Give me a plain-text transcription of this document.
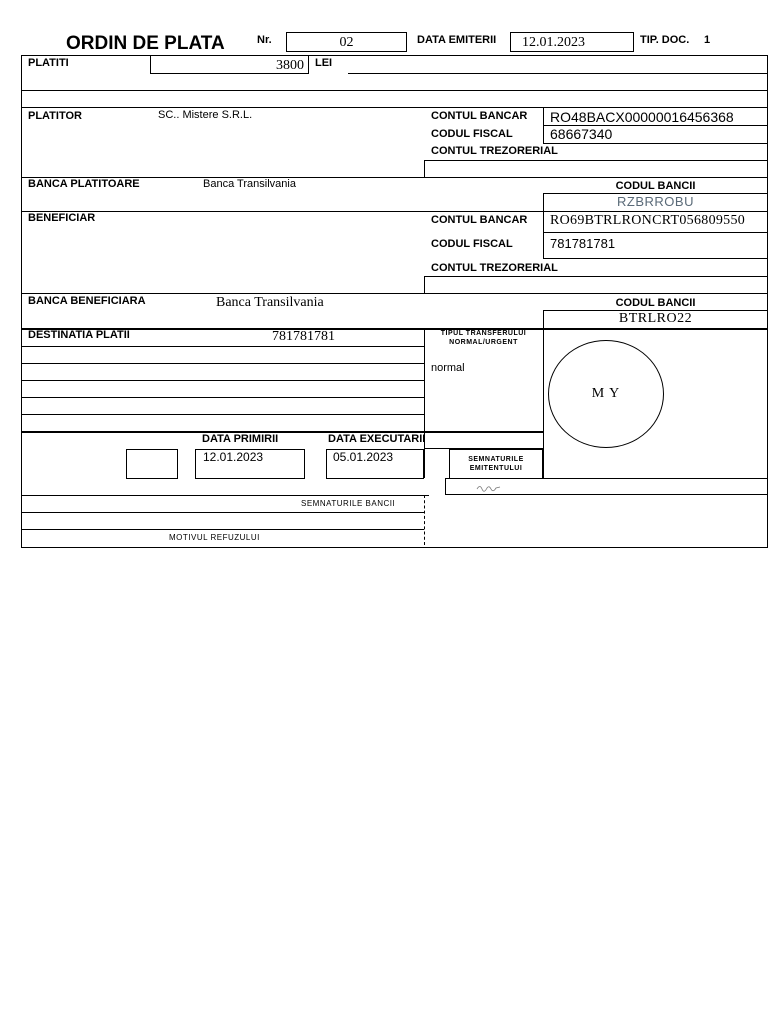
ORDIN DE PLATA	Nr.	02	DATA EMITERII 12.01.2023	TIP. DOC. 1
PLATITI	3800 LEI
PLATITOR	SC.. Mistere S.R.L.	CONTUL BANCAR RO48BACX00000016456368
CODUL FISCAL	68667340
CONTUL TREZORERIAL
BANCA PLATITOARE	Banca Transilvania	CODUL BANCII
RZBRROBU
BENEFICIAR	CONTUL BANCAR RO69BTRLRONCRT056809550
CODUL FISCAL	781781781
CONTUL TREZORERIAL
BANCA BENEFICIARA	Banca Transilvania	CODUL BANCII
BTRLRO22
DESTINATIA PLATII	781781781	TIPUL TRANSFERULUI
NORMAL/URGENT
normal
M Y
DATA PRIMIRII
12.01.2023
DATA EXECUTARII
05.01.2023	SEMNATURILE
EMITENTULUI
SEMNATURILE BANCII
MOTIVUL REFUZULUI
